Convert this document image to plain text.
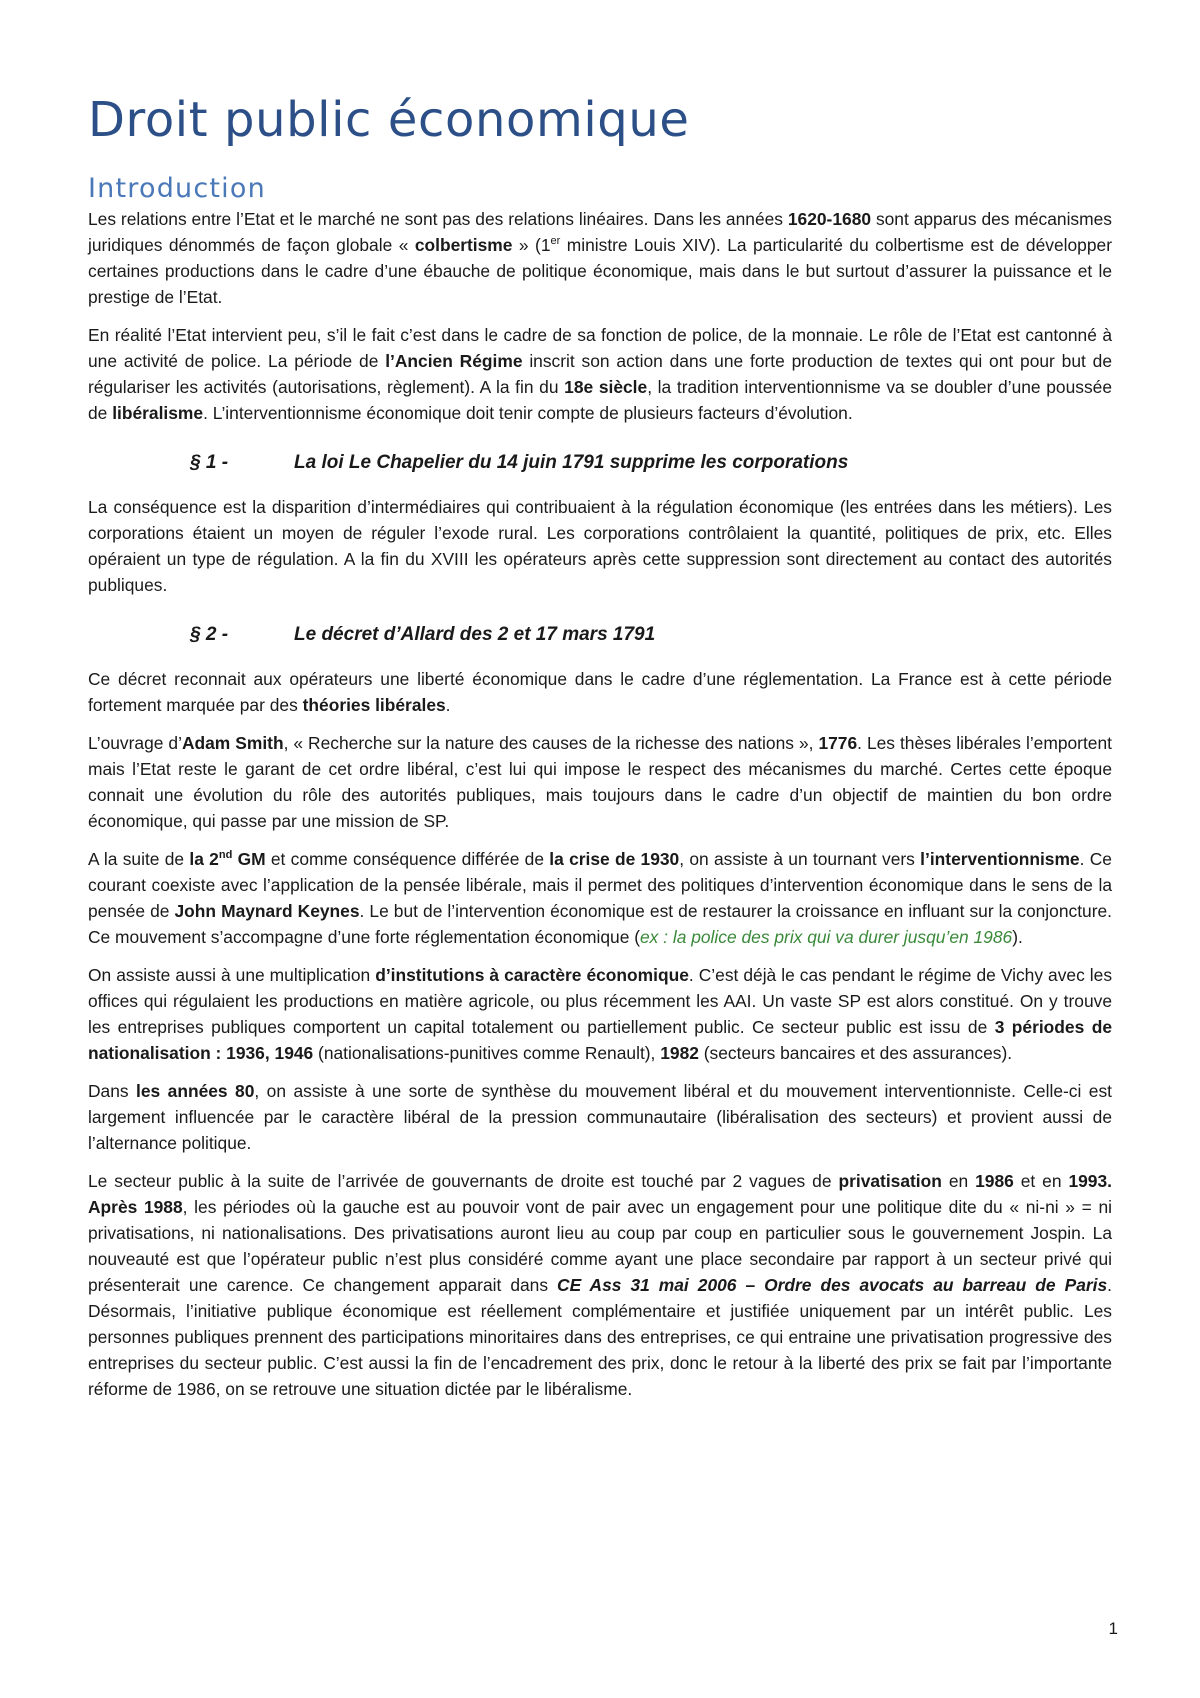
Droit public économique
Introduction

Les relations entre l’Etat et le marché ne sont pas des relations linéaires. Dans les années 1620-1680 sont apparus des mécanismes juridiques dénommés de façon globale « colbertisme » (1er ministre Louis XIV). La particularité du colbertisme est de développer certaines productions dans le cadre d’une ébauche de politique économique, mais dans le but surtout d’assurer la puissance et le prestige de l’Etat.

En réalité l’Etat intervient peu, s’il le fait c’est dans le cadre de sa fonction de police, de la monnaie. Le rôle de l’Etat est cantonné à une activité de police. La période de l’Ancien Régime inscrit son action dans une forte production de textes qui ont pour but de régulariser les activités (autorisations, règlement). A la fin du 18e siècle, la tradition interventionnisme va se doubler d’une poussée de libéralisme. L’interventionnisme économique doit tenir compte de plusieurs facteurs d’évolution.

§ 1 -	La loi Le Chapelier du 14 juin 1791 supprime les corporations

La conséquence est la disparition d’intermédiaires qui contribuaient à la régulation économique (les entrées dans les métiers). Les corporations étaient un moyen de réguler l’exode rural. Les corporations contrôlaient la quantité, politiques de prix, etc. Elles opéraient un type de régulation. A la fin du XVIII les opérateurs après cette suppression sont directement au contact des autorités publiques.

§ 2 -	Le décret d’Allard des 2 et 17 mars 1791

Ce décret reconnait aux opérateurs une liberté économique dans le cadre d’une réglementation. La France est à cette période fortement marquée par des théories libérales.

L’ouvrage d’Adam Smith, « Recherche sur la nature des causes de la richesse des nations », 1776. Les thèses libérales l’emportent mais l’Etat reste le garant de cet ordre libéral, c’est lui qui impose le respect des mécanismes du marché. Certes cette époque connait une évolution du rôle des autorités publiques, mais toujours dans le cadre d’un objectif de maintien du bon ordre économique, qui passe par une mission de SP.

A la suite de la 2nd GM et comme conséquence différée de la crise de 1930, on assiste à un tournant vers l’interventionnisme. Ce courant coexiste avec l’application de la pensée libérale, mais il permet des politiques d’intervention économique dans le sens de la pensée de John Maynard Keynes. Le but de l’intervention économique est de restaurer la croissance en influant sur la conjoncture. Ce mouvement s’accompagne d’une forte réglementation économique (ex : la police des prix qui va durer jusqu’en 1986).

On assiste aussi à une multiplication d’institutions à caractère économique. C’est déjà le cas pendant le régime de Vichy avec les offices qui régulaient les productions en matière agricole, ou plus récemment les AAI. Un vaste SP est alors constitué. On y trouve les entreprises publiques comportent un capital totalement ou partiellement public. Ce secteur public est issu de 3 périodes de nationalisation : 1936, 1946 (nationalisations-punitives comme Renault), 1982 (secteurs bancaires et des assurances).

Dans les années 80, on assiste à une sorte de synthèse du mouvement libéral et du mouvement interventionniste. Celle-ci est largement influencée par le caractère libéral de la pression communautaire (libéralisation des secteurs) et provient aussi de l’alternance politique.

Le secteur public à la suite de l’arrivée de gouvernants de droite est touché par 2 vagues de privatisation en 1986 et en 1993. Après 1988, les périodes où la gauche est au pouvoir vont de pair avec un engagement pour une politique dite du « ni-ni » = ni privatisations, ni nationalisations. Des privatisations auront lieu au coup par coup en particulier sous le gouvernement Jospin. La nouveauté est que l’opérateur public n’est plus considéré comme ayant une place secondaire par rapport à un secteur privé qui présenterait une carence. Ce changement apparait dans CE Ass 31 mai 2006 – Ordre des avocats au barreau de Paris. Désormais, l’initiative publique économique est réellement complémentaire et justifiée uniquement par un intérêt public. Les personnes publiques prennent des participations minoritaires dans des entreprises, ce qui entraine une privatisation progressive des entreprises du secteur public. C’est aussi la fin de l’encadrement des prix, donc le retour à la liberté des prix se fait par l’importante réforme de 1986, on se retrouve une situation dictée par le libéralisme.

1
